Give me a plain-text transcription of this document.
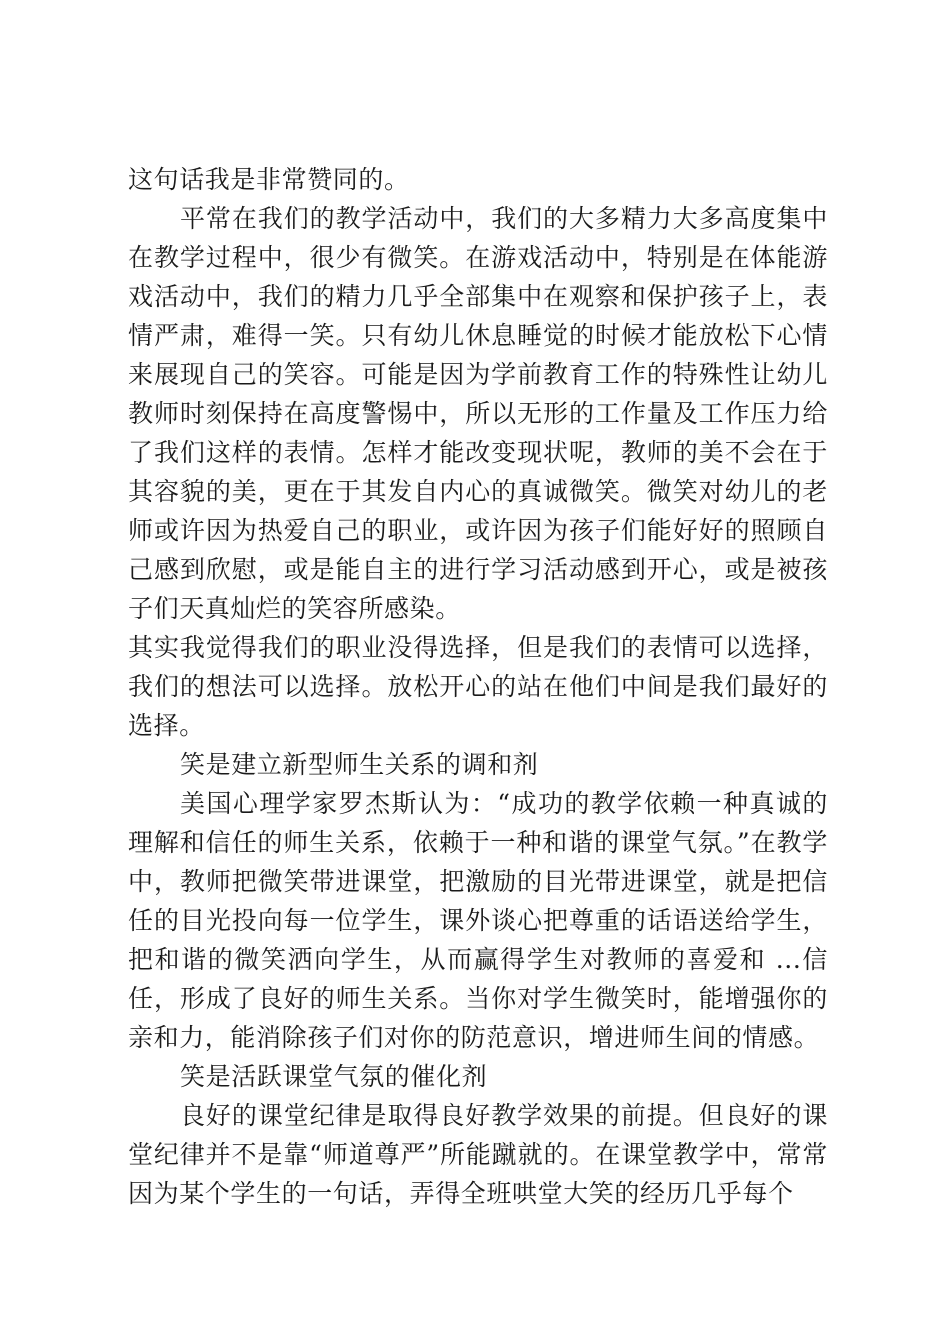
这句话我是非常赞同的。

平常在我们的教学活动中，我们的大多精力大多高度集中在教学过程中，很少有微笑。在游戏活动中，特别是在体能游戏活动中，我们的精力几乎全部集中在观察和保护孩子上，表情严肃，难得一笑。只有幼儿休息睡觉的时候才能放松下心情来展现自己的笑容。可能是因为学前教育工作的特殊性让幼儿教师时刻保持在高度警惕中，所以无形的工作量及工作压力给了我们这样的表情。怎样才能改变现状呢，教师的美不会在于其容貌的美，更在于其发自内心的真诚微笑。微笑对幼儿的老师或许因为热爱自己的职业，或许因为孩子们能好好的照顾自己感到欣慰，或是能自主的进行学习活动感到开心，或是被孩子们天真灿烂的笑容所感染。

其实我觉得我们的职业没得选择，但是我们的表情可以选择，我们的想法可以选择。放松开心的站在他们中间是我们最好的选择。

笑是建立新型师生关系的调和剂

美国心理学家罗杰斯认为：“成功的教学依赖一种真诚的理解和信任的师生关系，依赖于一种和谐的课堂气氛。”在教学中，教师把微笑带进课堂，把激励的目光带进课堂，就是把信任的目光投向每一位学生，课外谈心把尊重的话语送给学生，把和谐的微笑洒向学生，从而赢得学生对教师的喜爱和 ...信任，形成了良好的师生关系。当你对学生微笑时，能增强你的亲和力，能消除孩子们对你的防范意识，增进师生间的情感。

笑是活跃课堂气氛的催化剂

良好的课堂纪律是取得良好教学效果的前提。但良好的课堂纪律并不是靠“师道尊严”所能蹴就的。在课堂教学中，常常因为某个学生的一句话，弄得全班哄堂大笑的经历几乎每个
